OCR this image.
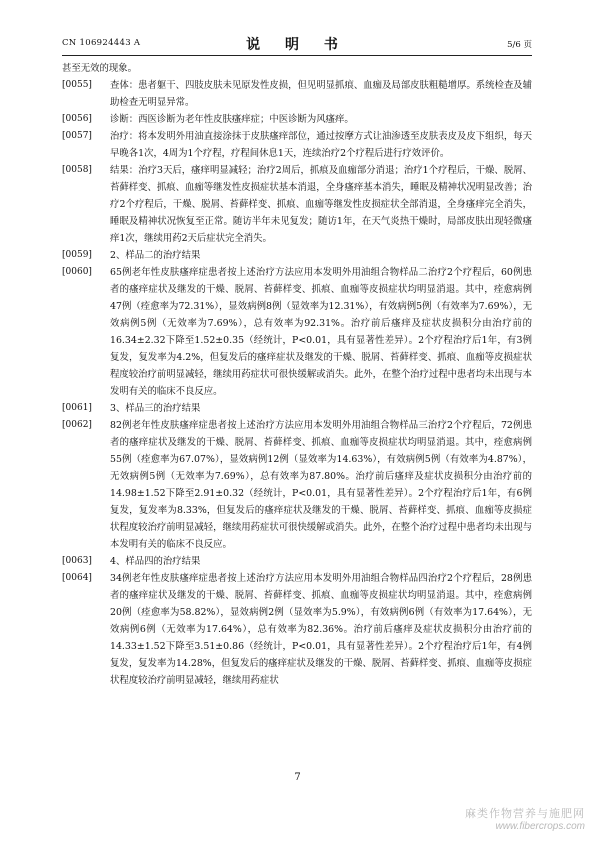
CN 106924443 A	说 明 书	5/6 页

甚至无效的现象。

[0055] 查体：患者躯干、四肢皮肤未见原发性皮损，但见明显抓痕、血痂及局部皮肤粗糙增厚。系统检查及辅助检查无明显异常。

[0056] 诊断：西医诊断为老年性皮肤瘙痒症；中医诊断为风瘙痒。

[0057] 治疗：将本发明外用油直接涂抹于皮肤瘙痒部位，通过按摩方式让油渗透至皮肤表皮及皮下组织，每天早晚各1次，4周为1个疗程，疗程间休息1天，连续治疗2个疗程后进行疗效评价。

[0058] 结果：治疗3天后，瘙痒明显减轻；治疗2周后，抓痕及血痂部分消退；治疗1个疗程后，干燥、脱屑、苔藓样变、抓痕、血痂等继发性皮损症状基本消退，全身瘙痒基本消失，睡眠及精神状况明显改善；治疗2个疗程后，干燥、脱屑、苔藓样变、抓痕、血痂等继发性皮损症状全部消退，全身瘙痒完全消失，睡眠及精神状况恢复至正常。随访半年未见复发；随访1年，在天气炎热干燥时，局部皮肤出现轻微瘙痒1次，继续用药2天后症状完全消失。

[0059] 2、样品二的治疗结果

[0060] 65例老年性皮肤瘙痒症患者按上述治疗方法应用本发明外用油组合物样品二治疗2个疗程后，60例患者的瘙痒症状及继发的干燥、脱屑、苔藓样变、抓痕、血痂等皮损症状均明显消退。其中，痊愈病例47例（痊愈率为72.31%），显效病例8例（显效率为12.31%），有效病例5例（有效率为7.69%），无效病例5例（无效率为7.69%），总有效率为92.31%。治疗前后瘙痒及症状皮损积分由治疗前的16.34±2.32下降至1.52±0.35（经统计，P<0.01，具有显著性差异）。2个疗程治疗后1年，有3例复发，复发率为4.2%，但复发后的瘙痒症状及继发的干燥、脱屑、苔藓样变、抓痕、血痂等皮损症状程度较治疗前明显减轻，继续用药症状可很快缓解或消失。此外，在整个治疗过程中患者均未出现与本发明有关的临床不良反应。

[0061] 3、样品三的治疗结果

[0062] 82例老年性皮肤瘙痒症患者按上述治疗方法应用本发明外用油组合物样品三治疗2个疗程后，72例患者的瘙痒症状及继发的干燥、脱屑、苔藓样变、抓痕、血痂等皮损症状均明显消退。其中，痊愈病例55例（痊愈率为67.07%），显效病例12例（显效率为14.63%），有效病例5例（有效率为4.87%），无效病例5例（无效率为7.69%），总有效率为87.80%。治疗前后瘙痒及症状皮损积分由治疗前的14.98±1.52下降至2.91±0.32（经统计，P<0.01，具有显著性差异）。2个疗程治疗后1年，有6例复发，复发率为8.33%，但复发后的瘙痒症状及继发的干燥、脱屑、苔藓样变、抓痕、血痂等皮损症状程度较治疗前明显减轻，继续用药症状可很快缓解或消失。此外，在整个治疗过程中患者均未出现与本发明有关的临床不良反应。

[0063] 4、样品四的治疗结果

[0064] 34例老年性皮肤瘙痒症患者按上述治疗方法应用本发明外用油组合物样品四治疗2个疗程后，28例患者的瘙痒症状及继发的干燥、脱屑、苔藓样变、抓痕、血痂等皮损症状均明显消退。其中，痊愈病例20例（痊愈率为58.82%），显效病例2例（显效率为5.9%），有效病例6例（有效率为17.64%），无效病例6例（无效率为17.64%），总有效率为82.36%。治疗前后瘙痒及症状皮损积分由治疗前的14.33±1.52下降至3.51±0.86（经统计，P<0.01，具有显著性差异）。2个疗程治疗后1年，有4例复发，复发率为14.28%，但复发后的瘙痒症状及继发的干燥、脱屑、苔藓样变、抓痕、血痂等皮损症状程度较治疗前明显减轻，继续用药症状

7
麻类作物营养与施肥网
www.fibercrops.com
